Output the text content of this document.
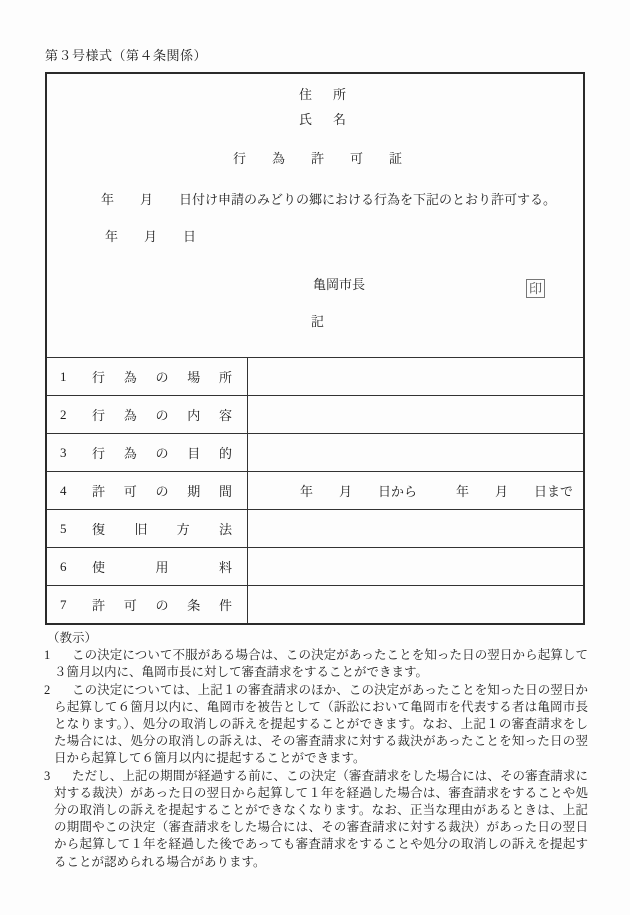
第３号様式（第４条関係）
住　所
氏　名
行　　為　　許　　可　　証
年　　月　　日付け申請のみどりの郷における行為を下記のとおり許可する。
年　　月　　日
亀岡市長	印
記
1	行 為 の 場 所
2	行 為 の 内 容
3	行 為 の 目 的
4	許 可 の 期 間	年　　月　　日から　　　年　　月　　日まで
5	復 旧 方 法
6	使	用	料
7	許 可 の 条 件
（教示）
1	この決定について不服がある場合は、この決定があったことを知った日の翌日から起算して３箇月以内に、亀岡市長に対して審査請求をすることができます。
2	この決定については、上記１の審査請求のほか、この決定があったことを知った日の翌日から起算して６箇月以内に、亀岡市を被告として（訴訟において亀岡市を代表する者は亀岡市長となります。）、処分の取消しの訴えを提起することができます。なお、上記１の審査請求をした場合には、処分の取消しの訴えは、その審査請求に対する裁決があったことを知った日の翌日から起算して６箇月以内に提起することができます。
3	ただし、上記の期間が経過する前に、この決定（審査請求をした場合には、その審査請求に対する裁決）があった日の翌日から起算して１年を経過した場合は、審査請求をすることや処分の取消しの訴えを提起することができなくなります。なお、正当な理由があるときは、上記の期間やこの決定（審査請求をした場合には、その審査請求に対する裁決）があった日の翌日から起算して１年を経過した後であっても審査請求をすることや処分の取消しの訴えを提起することが認められる場合があります。
